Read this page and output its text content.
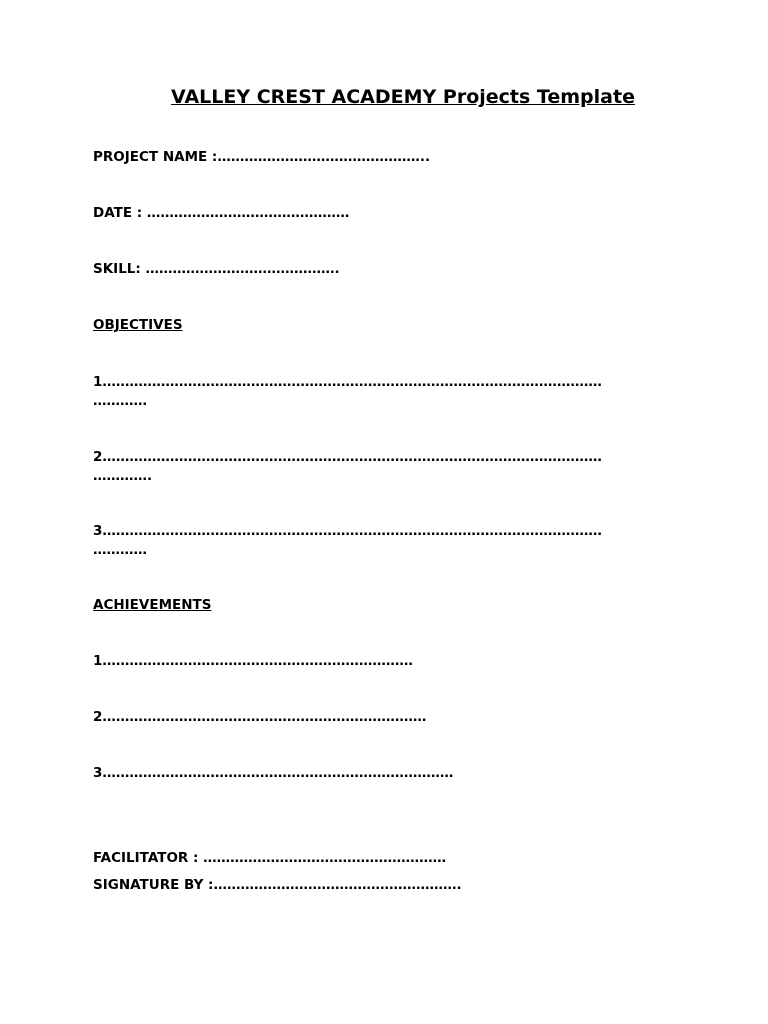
VALLEY CREST ACADEMY Projects Template
PROJECT NAME :………………………………………..
DATE : ………………………………………
SKILL: …………………………………….
OBJECTIVES
1…………………………………………………………………………………………………
…………
2…………………………………………………………………………………………………
………….
3…………………………………………………………………………………………………
…………
ACHIEVEMENTS
1……………………………………………………………
2………………………………………………………………
3……………………………………………………………………
FACILITATOR : ………………………………………………
SIGNATURE BY :……………………………………………….
